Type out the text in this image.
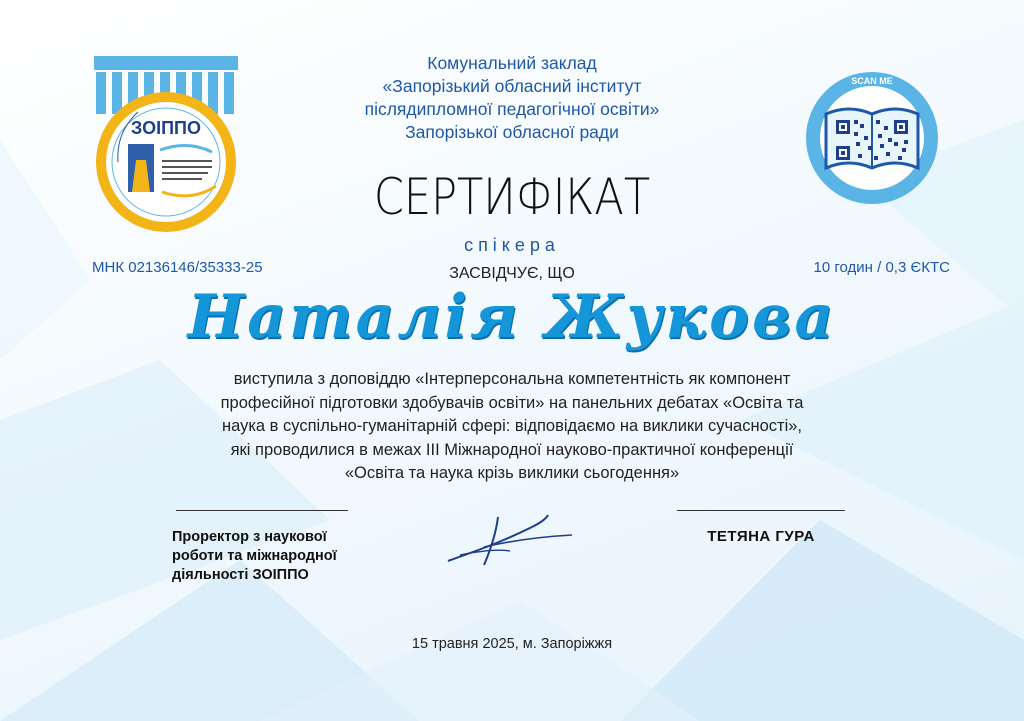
ЗОІППО
SCAN ME
Комунальний заклад
«Запорізький обласний інститут
післядипломної педагогічної освіти»
Запорізької обласної ради
СЕРТИФІКАТ
спікера
МНК 02136146/35333-25	10 годин / 0,3 ЄКТС
ЗАСВІДЧУЄ, ЩО
Наталія Жукова
виступила з доповіддю «Інтерперсональна компетентність як компонент
професійної підготовки здобувачів освіти» на панельних дебатах «Освіта та
наука в суспільно-гуманітарній сфері: відповідаємо на виклики сучасності»,
які проводилися в межах ІІІ Міжнародної науково-практичної конференції
«Освіта та наука крізь виклики сьогодення»
Проректор з наукової
роботи та міжнародної
діяльності ЗОІППО
ТЕТЯНА ГУРА
15 травня 2025, м. Запоріжжя
